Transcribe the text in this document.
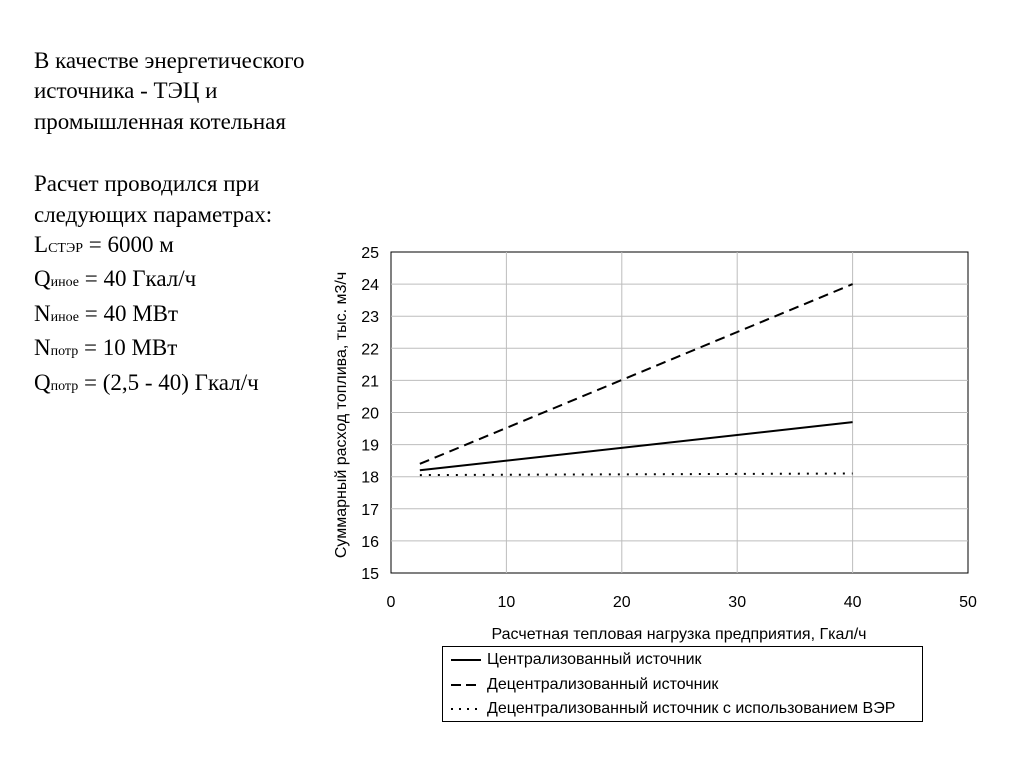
В качестве энергетического
источника - ТЭЦ и
промышленная котельная
Расчет проводился при
следующих параметрах:
LСТЭР = 6000 м
Qиное = 40 Гкал/ч
Nиное = 40 МВт
Nпотр = 10 МВт
Qпотр = (2,5 - 40) Гкал/ч
0	10	20	30	40	50
15
16
17
18
19
20
21
22
23
24
25
Суммарный расход топлива, тыс. м3/ч
Расчетная тепловая нагрузка предприятия, Гкал/ч
Централизованный источник
Децентрализованный источник
Децентрализованный источник с использованием ВЭР
